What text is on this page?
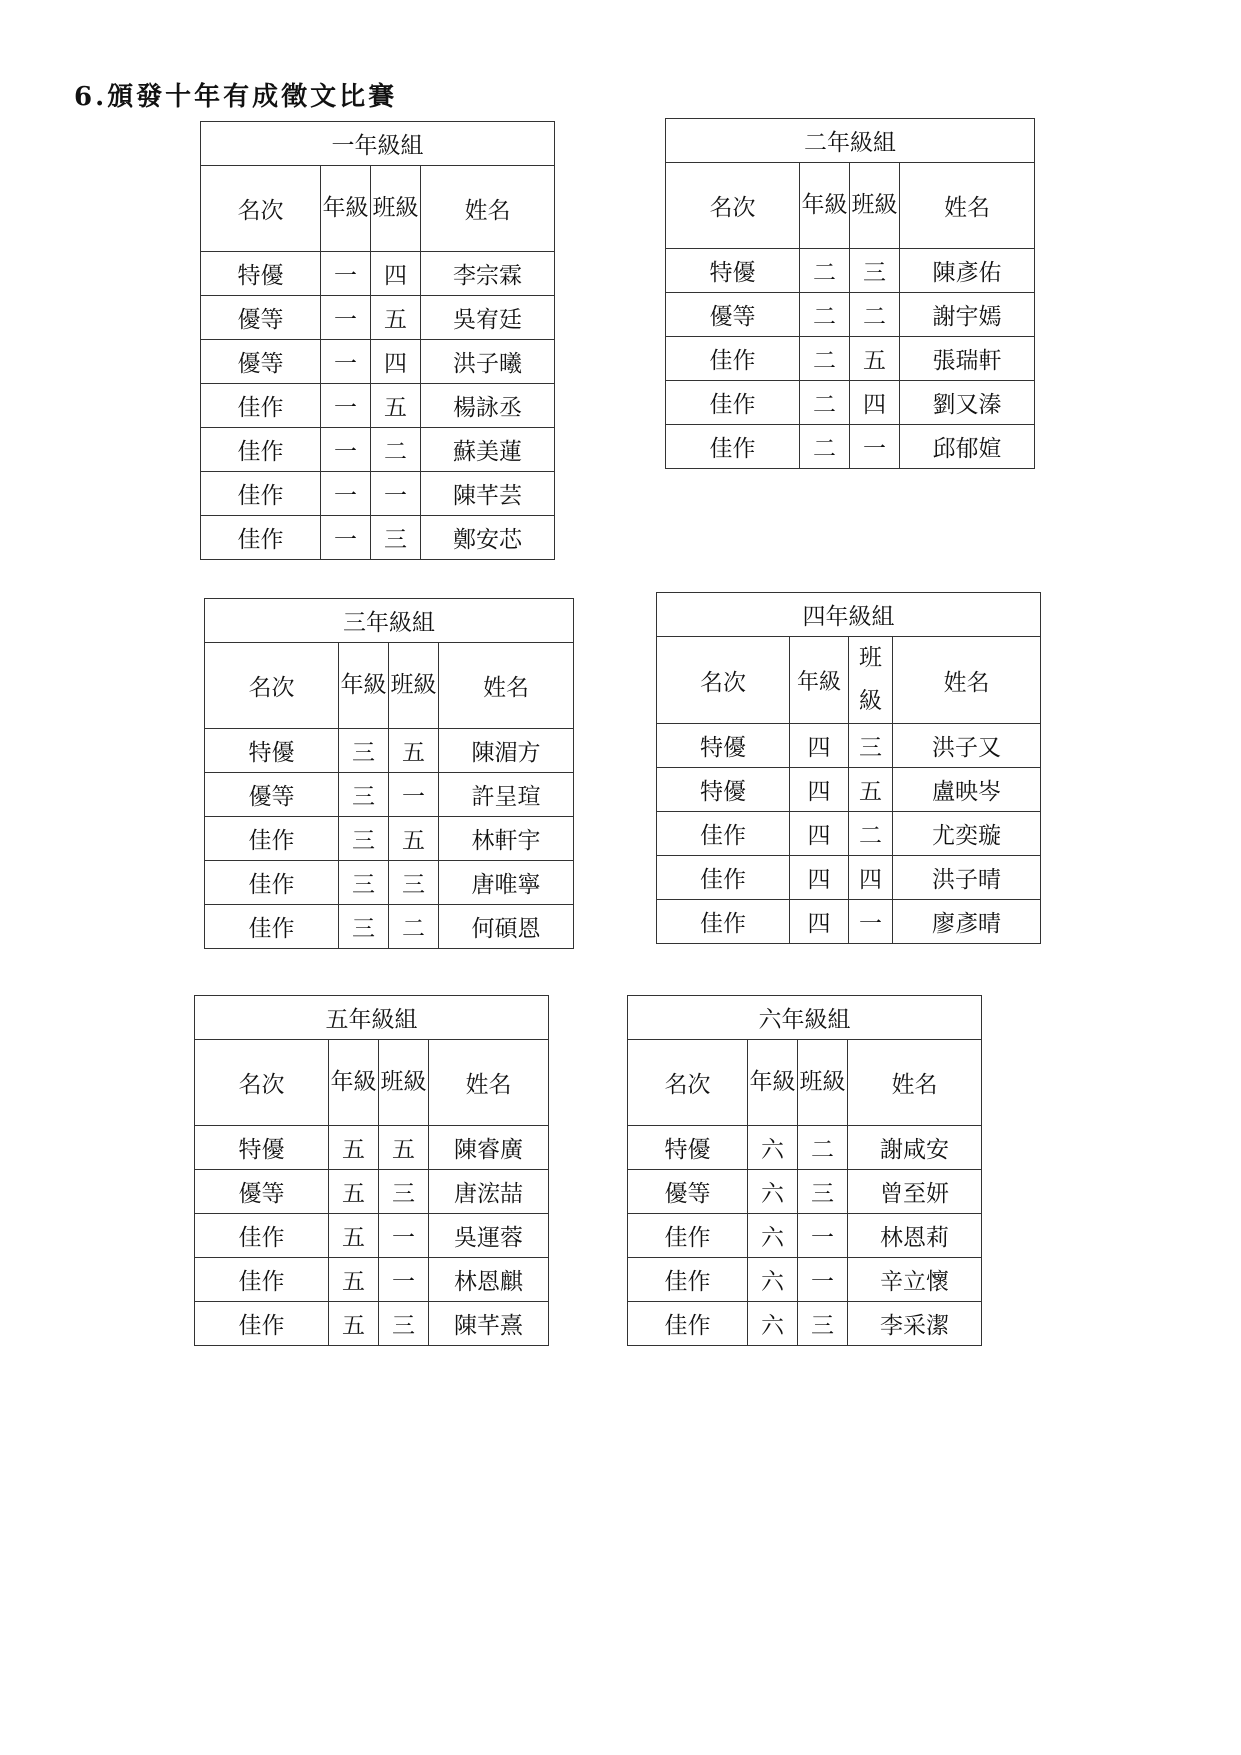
6.頒發十年有成徵文比賽
一年級組			
名次	年級	班級	姓名
特優	一	四	李宗霖
優等	一	五	吳宥廷
優等	一	四	洪子曦
佳作	一	五	楊詠丞
佳作	一	二	蘇美蓮
佳作	一	一	陳芊芸
佳作	一	三	鄭安芯
二年級組			
名次	年級	班級	姓名
特優	二	三	陳彥佑
優等	二	二	謝宇嫣
佳作	二	五	張瑞軒
佳作	二	四	劉又溱
佳作	二	一	邱郁媗
三年級組			
名次	年級	班級	姓名
特優	三	五	陳湄方
優等	三	一	許呈瑄
佳作	三	五	林軒宇
佳作	三	三	唐唯寧
佳作	三	二	何碩恩
四年級組			
名次	年級	班級	姓名
特優	四	三	洪子又
特優	四	五	盧映岑
佳作	四	二	尤奕璇
佳作	四	四	洪子晴
佳作	四	一	廖彥晴
五年級組			
名次	年級	班級	姓名
特優	五	五	陳睿廣
優等	五	三	唐浤喆
佳作	五	一	吳運蓉
佳作	五	一	林恩麒
佳作	五	三	陳芊熹
六年級組			
名次	年級	班級	姓名
特優	六	二	謝咸安
優等	六	三	曾至妍
佳作	六	一	林恩莉
佳作	六	一	辛立懷
佳作	六	三	李采潔
